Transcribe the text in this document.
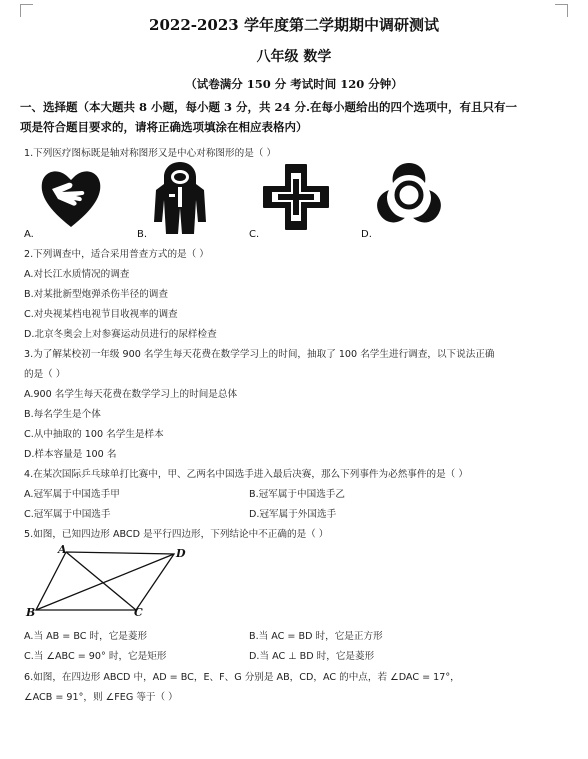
2022-2023 学年度第二学期期中调研测试
八年级 数学
（试卷满分 150 分 考试时间 120 分钟）
一、选择题（本大题共 8 小题，每小题 3 分，共 24 分.在每小题给出的四个选项中，有且只有一
项是符合题目要求的，请将正确选项填涂在相应表格内）
1.下列医疗图标既是轴对称图形又是中心对称图形的是（ ）
A.	B.	C.	D.
2.下列调查中，适合采用普查方式的是（ ）
A.对长江水质情况的调查
B.对某批新型炮弹杀伤半径的调查
C.对央视某档电视节目收视率的调查
D.北京冬奥会上对参赛运动员进行的尿样检查
3.为了解某校初一年级 900 名学生每天花费在数学学习上的时间，抽取了 100 名学生进行调查，以下说法正确
的是（ ）
A.900 名学生每天花费在数学学习上的时间是总体
B.每名学生是个体
C.从中抽取的 100 名学生是样本
D.样本容量是 100 名
4.在某次国际乒乓球单打比赛中，甲、乙两名中国选手进入最后决赛，那么下列事件为必然事件的是（ ）
A.冠军属于中国选手甲	B.冠军属于中国选手乙
C.冠军属于中国选手	D.冠军属于外国选手
5.如图，已知四边形 ABCD 是平行四边形，下列结论中不正确的是（ ）
A	D
B	C
A.当 AB = BC 时，它是菱形	B.当 AC = BD 时，它是正方形
C.当 ∠ABC = 90° 时，它是矩形	D.当 AC ⊥ BD 时，它是菱形
6.如图，在四边形 ABCD 中，AD = BC，E、F、G 分别是 AB，CD，AC 的中点，若 ∠DAC = 17°，
∠ACB = 91°，则 ∠FEG 等于（ ）
